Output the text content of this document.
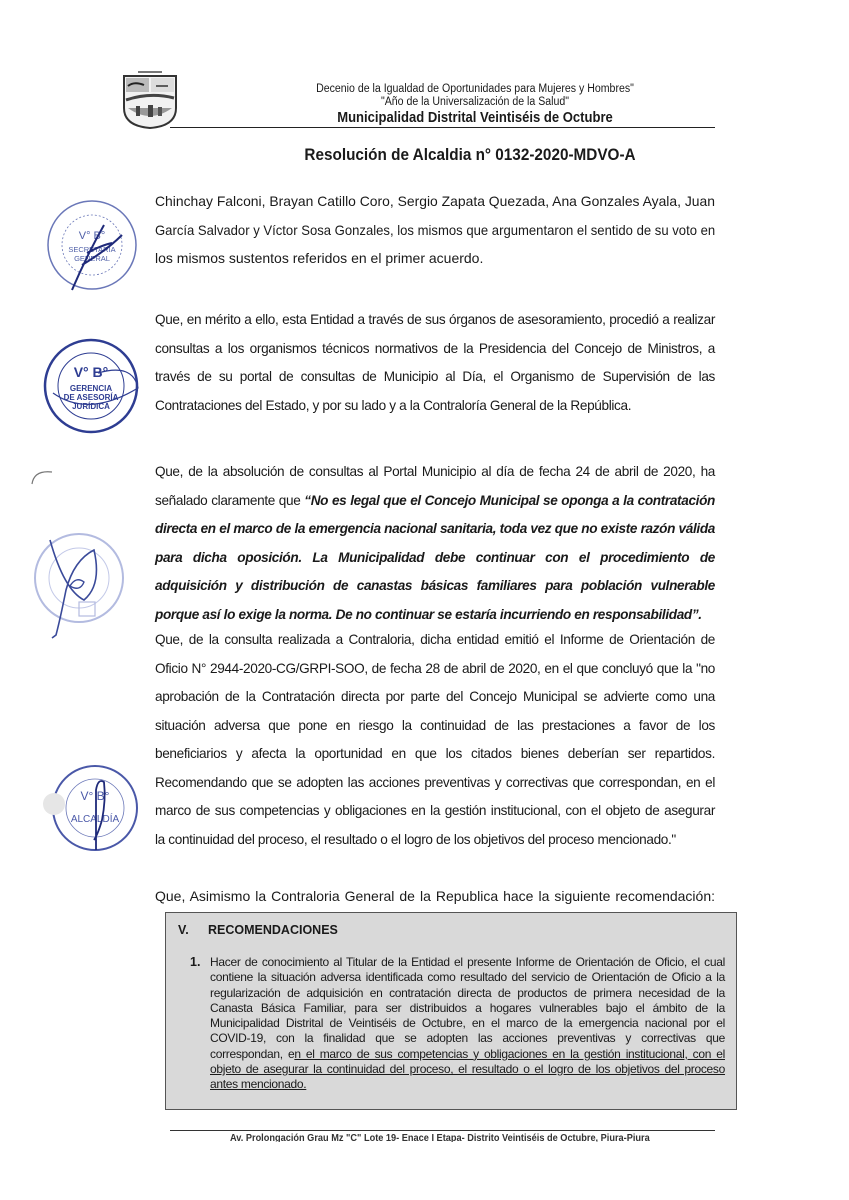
Decenio de la Igualdad de Oportunidades para Mujeres y Hombres"
"Año de la Universalización de la Salud"
Municipalidad Distrital Veintiséis de Octubre
Resolución de Alcaldia n° 0132-2020-MDVO-A
Chinchay Falconi, Brayan Catillo Coro, Sergio Zapata Quezada, Ana Gonzales Ayala, Juan
García Salvador y Víctor Sosa Gonzales, los mismos que argumentaron el sentido de su voto en
los mismos sustentos referidos en el primer acuerdo.
Que, en mérito a ello, esta Entidad a través de sus órganos de asesoramiento, procedió a realizar
consultas a los organismos técnicos normativos de la Presidencia del Concejo de Ministros, a
través de su portal de consultas de Municipio al Día, el Organismo de Supervisión de las
Contrataciones del Estado, y por su lado y a la Contraloría General de la República.
Que, de la absolución de consultas al Portal Municipio al día de fecha 24 de abril de 2020, ha
señalado claramente que “No es legal que el Concejo Municipal se oponga a la contratación
directa en el marco de la emergencia nacional sanitaria, toda vez que no existe razón válida
para dicha oposición. La Municipalidad debe continuar con el procedimiento de
adquisición y distribución de canastas básicas familiares para población vulnerable
porque así lo exige la norma. De no continuar se estaría incurriendo en responsabilidad”.
Que, de la consulta realizada a Contraloria, dicha entidad emitió el Informe de Orientación de
Oficio N° 2944-2020-CG/GRPI-SOO, de fecha 28 de abril de 2020, en el que concluyó que la "no
aprobación de la Contratación directa por parte del Concejo Municipal se advierte como una
situación adversa que pone en riesgo la continuidad de las prestaciones a favor de los
beneficiarios y afecta la oportunidad en que los citados bienes deberían ser repartidos.
Recomendando que se adopten las acciones preventivas y correctivas que correspondan, en el
marco de sus competencias y obligaciones en la gestión institucional, con el objeto de asegurar
la continuidad del proceso, el resultado o el logro de los objetivos del proceso mencionado."
Que, Asimismo la Contraloria General de la Republica hace la siguiente recomendación:
V. RECOMENDACIONES
1. Hacer de conocimiento al Titular de la Entidad el presente Informe de Orientación de Oficio, el cual
contiene la situación adversa identificada como resultado del servicio de Orientación de Oficio a la
regularización de adquisición en contratación directa de productos de primera necesidad de la
Canasta Básica Familiar, para ser distribuidos a hogares vulnerables bajo el ámbito de la
Municipalidad Distrital de Veintiséis de Octubre, en el marco de la emergencia nacional por el
COVID-19, con la finalidad que se adopten las acciones preventivas y correctivas que
correspondan, en el marco de sus competencias y obligaciones en la gestión institucional, con el
objeto de asegurar la continuidad del proceso, el resultado o el logro de los objetivos del proceso
antes mencionado.
Av. Prolongación Grau Mz "C" Lote 19- Enace I Etapa- Distrito Veintiséis de Octubre, Piura-Piura
V° B°
SECRETARIA
GENERAL
V° B°
GERENCIA
DE ASESORÍA
JURÍDICA
V° B°
ALCALDÍA
